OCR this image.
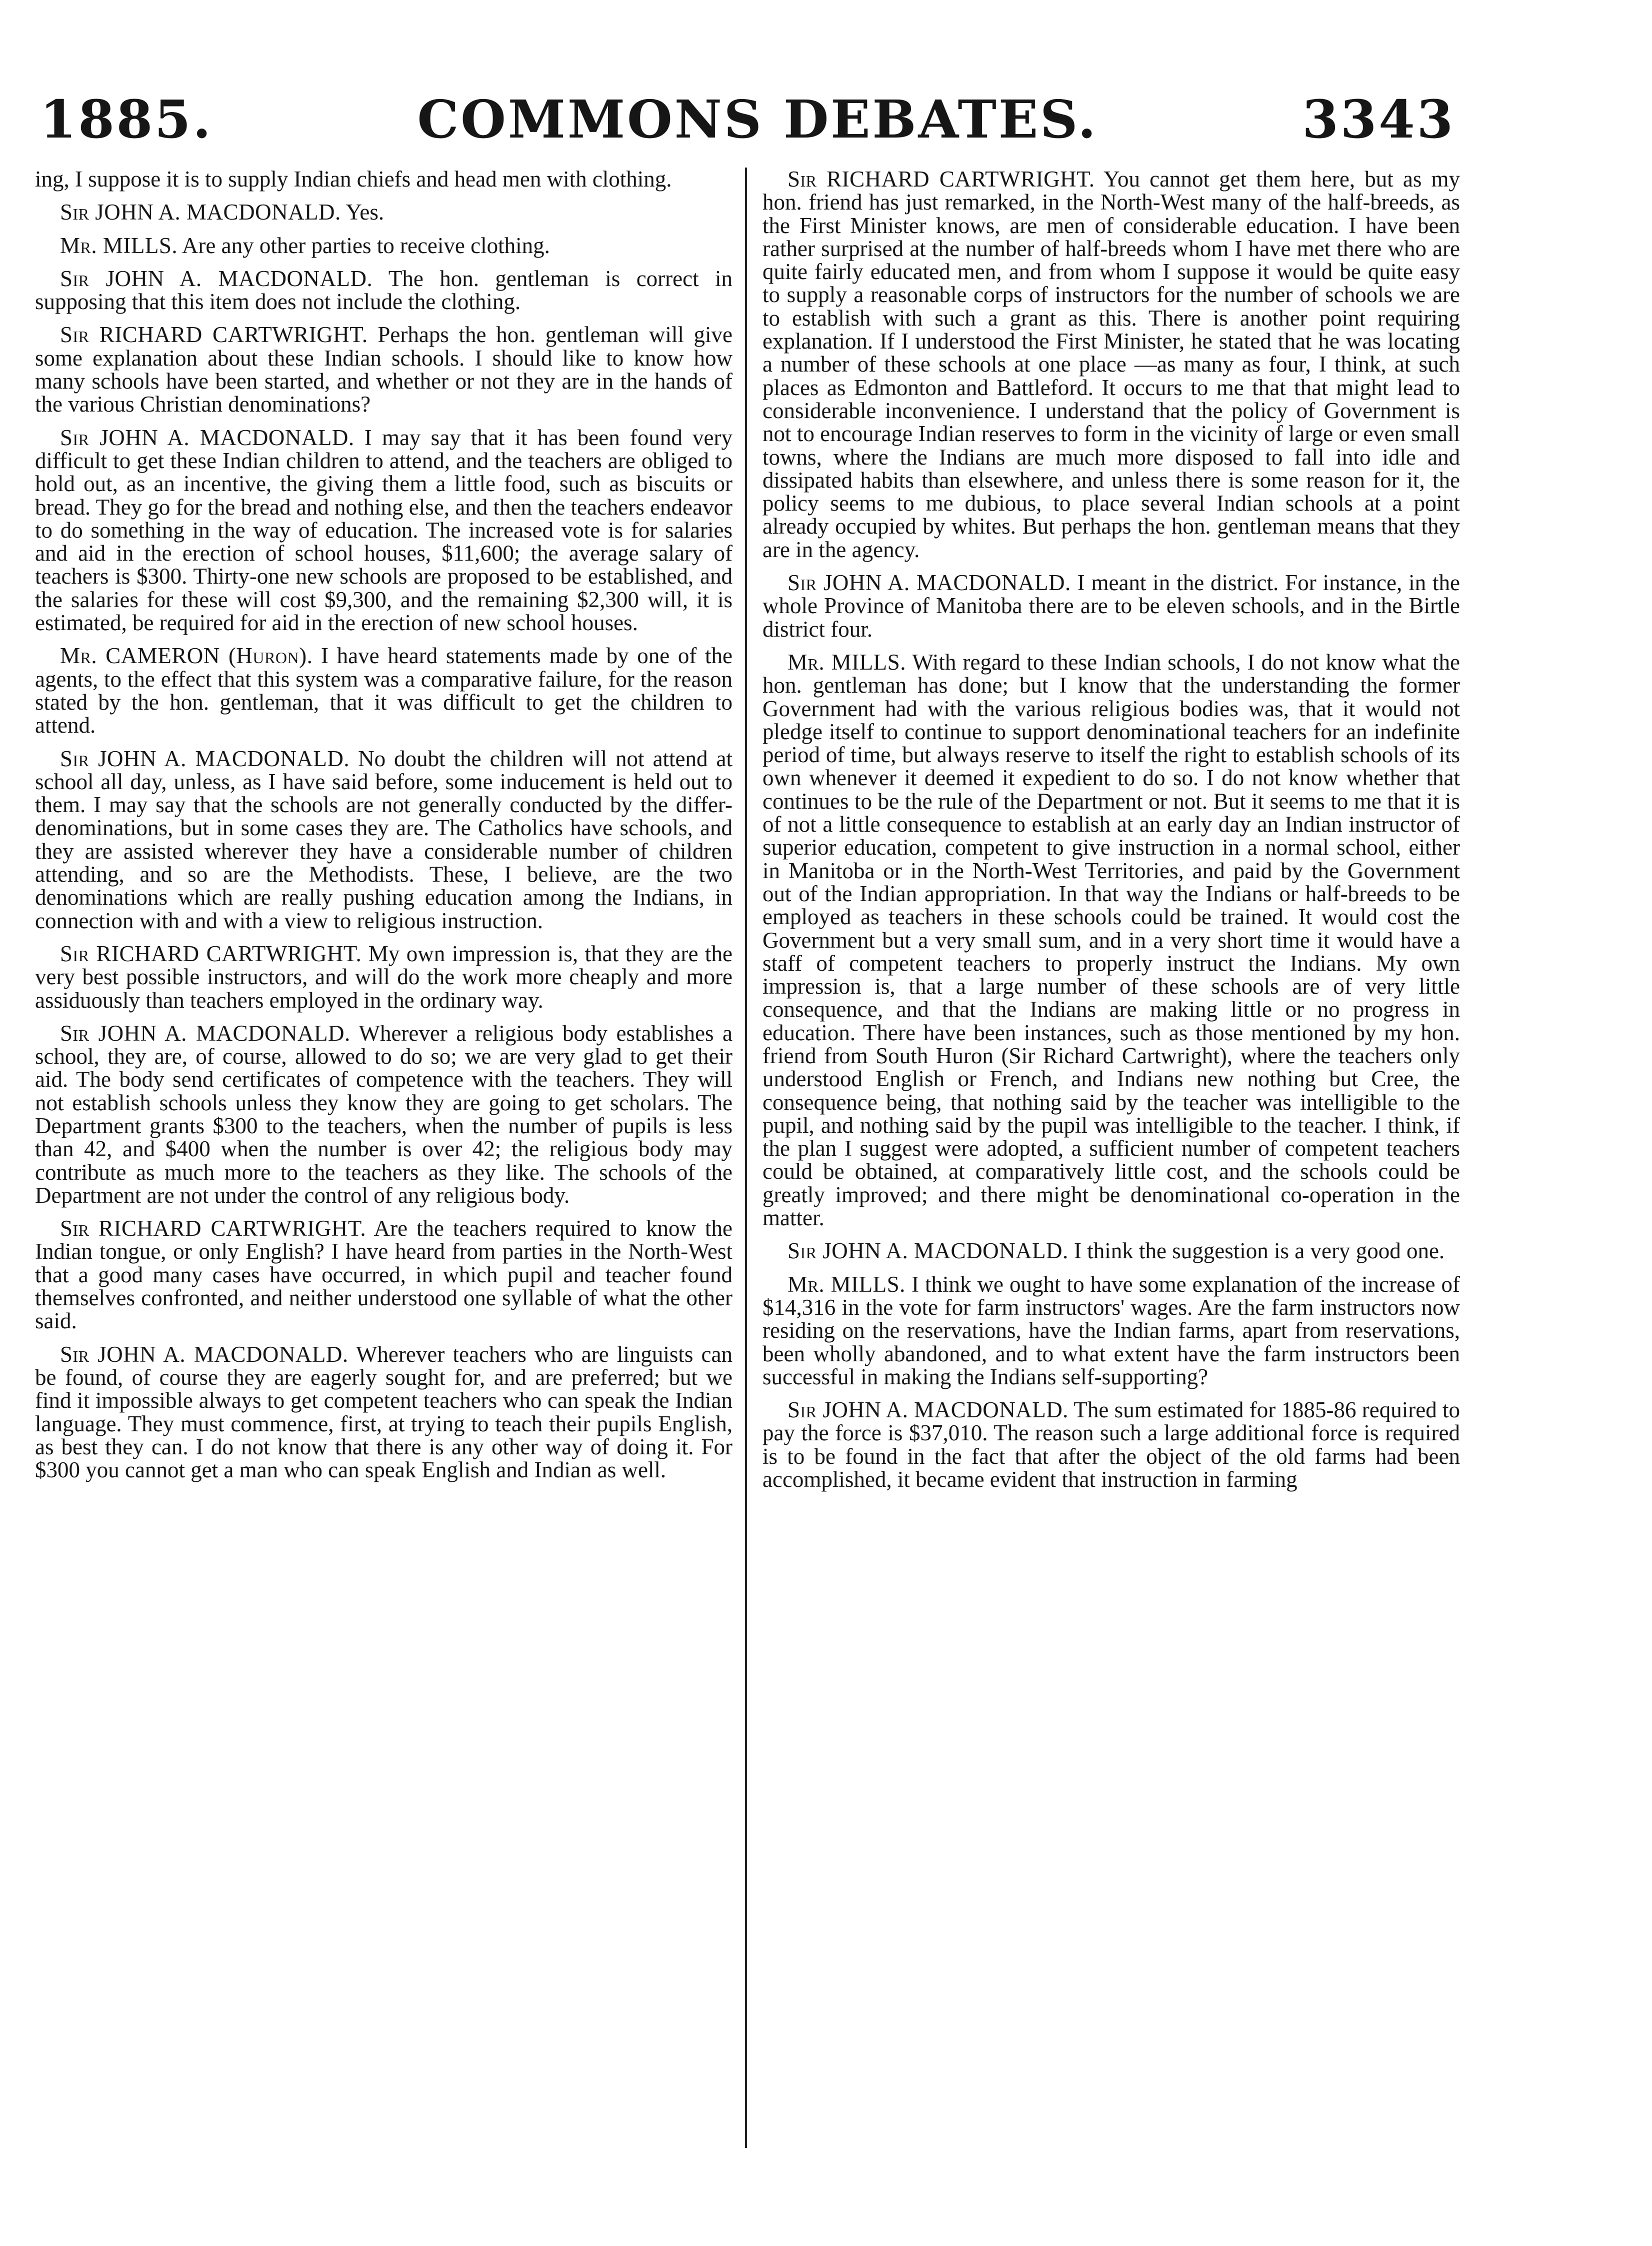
1885.	COMMONS DEBATES.	3343

ing, I suppose it is to supply Indian chiefs and head men with clothing.

Sir JOHN A. MACDONALD. Yes.

Mr. MILLS. Are any other parties to receive clothing.

Sir JOHN A. MACDONALD. The hon. gentleman is correct in supposing that this item does not include the clothing.

Sir RICHARD CARTWRIGHT. Perhaps the hon. gentleman will give some explanation about these Indian schools. I should like to know how many schools have been started, and whether or not they are in the hands of the various Christian denominations?

Sir JOHN A. MACDONALD. I may say that it has been found very difficult to get these Indian children to attend, and the teachers are obliged to hold out, as an incentive, the giving them a little food, such as biscuits or bread. They go for the bread and nothing else, and then the teachers endeavor to do something in the way of education. The increased vote is for salaries and aid in the erection of school houses, $11,600; the average salary of teachers is $300. Thirty-one new schools are proposed to be established, and the salaries for these will cost $9,300, and the remaining $2,300 will, it is estimated, be required for aid in the erection of new school houses.

Mr. CAMERON (Huron). I have heard statements made by one of the agents, to the effect that this system was a comparative failure, for the reason stated by the hon. gentleman, that it was difficult to get the children to attend.

Sir JOHN A. MACDONALD. No doubt the children will not attend at school all day, unless, as I have said before, some inducement is held out to them. I may say that the schools are not generally conducted by the differ-denominations, but in some cases they are. The Catholics have schools, and they are assisted wherever they have a considerable number of children attending, and so are the Methodists. These, I believe, are the two denominations which are really pushing education among the Indians, in connection with and with a view to religious instruction.

Sir RICHARD CARTWRIGHT. My own impression is, that they are the very best possible instructors, and will do the work more cheaply and more assiduously than teachers employed in the ordinary way.

Sir JOHN A. MACDONALD. Wherever a religious body establishes a school, they are, of course, allowed to do so; we are very glad to get their aid. The body send certificates of competence with the teachers. They will not establish schools unless they know they are going to get scholars. The Department grants $300 to the teachers, when the number of pupils is less than 42, and $400 when the number is over 42; the religious body may contribute as much more to the teachers as they like. The schools of the Department are not under the control of any religious body.

Sir RICHARD CARTWRIGHT. Are the teachers required to know the Indian tongue, or only English? I have heard from parties in the North-West that a good many cases have occurred, in which pupil and teacher found themselves confronted, and neither understood one syllable of what the other said.

Sir JOHN A. MACDONALD. Wherever teachers who are linguists can be found, of course they are eagerly sought for, and are preferred; but we find it impossible always to get competent teachers who can speak the Indian language. They must commence, first, at trying to teach their pupils English, as best they can. I do not know that there is any other way of doing it. For $300 you cannot get a man who can speak English and Indian as well.

Sir RICHARD CARTWRIGHT. You cannot get them here, but as my hon. friend has just remarked, in the North-West many of the half-breeds, as the First Minister knows, are men of considerable education. I have been rather surprised at the number of half-breeds whom I have met there who are quite fairly educated men, and from whom I suppose it would be quite easy to supply a reasonable corps of instructors for the number of schools we are to establish with such a grant as this. There is another point requiring explanation. If I understood the First Minister, he stated that he was locating a number of these schools at one place —as many as four, I think, at such places as Edmonton and Battleford. It occurs to me that that might lead to considerable inconvenience. I understand that the policy of Government is not to encourage Indian reserves to form in the vicinity of large or even small towns, where the Indians are much more disposed to fall into idle and dissipated habits than elsewhere, and unless there is some reason for it, the policy seems to me dubious, to place several Indian schools at a point already occupied by whites. But perhaps the hon. gentleman means that they are in the agency.

Sir JOHN A. MACDONALD. I meant in the district. For instance, in the whole Province of Manitoba there are to be eleven schools, and in the Birtle district four.

Mr. MILLS. With regard to these Indian schools, I do not know what the hon. gentleman has done; but I know that the understanding the former Government had with the various religious bodies was, that it would not pledge itself to continue to support denominational teachers for an indefinite period of time, but always reserve to itself the right to establish schools of its own whenever it deemed it expedient to do so. I do not know whether that continues to be the rule of the Department or not. But it seems to me that it is of not a little consequence to establish at an early day an Indian instructor of superior education, competent to give instruction in a normal school, either in Manitoba or in the North-West Territories, and paid by the Government out of the Indian appropriation. In that way the Indians or half-breeds to be employed as teachers in these schools could be trained. It would cost the Government but a very small sum, and in a very short time it would have a staff of competent teachers to properly instruct the Indians. My own impression is, that a large number of these schools are of very little consequence, and that the Indians are making little or no progress in education. There have been instances, such as those mentioned by my hon. friend from South Huron (Sir Richard Cartwright), where the teachers only understood English or French, and Indians new nothing but Cree, the consequence being, that nothing said by the teacher was intelligible to the pupil, and nothing said by the pupil was intelligible to the teacher. I think, if the plan I suggest were adopted, a sufficient number of competent teachers could be obtained, at comparatively little cost, and the schools could be greatly improved; and there might be denominational co-operation in the matter.

Sir JOHN A. MACDONALD. I think the suggestion is a very good one.

Mr. MILLS. I think we ought to have some explanation of the increase of $14,316 in the vote for farm instructors' wages. Are the farm instructors now residing on the reservations, have the Indian farms, apart from reservations, been wholly abandoned, and to what extent have the farm instructors been successful in making the Indians self-supporting?

Sir JOHN A. MACDONALD. The sum estimated for 1885-86 required to pay the force is $37,010. The reason such a large additional force is required is to be found in the fact that after the object of the old farms had been accomplished, it became evident that instruction in farming
